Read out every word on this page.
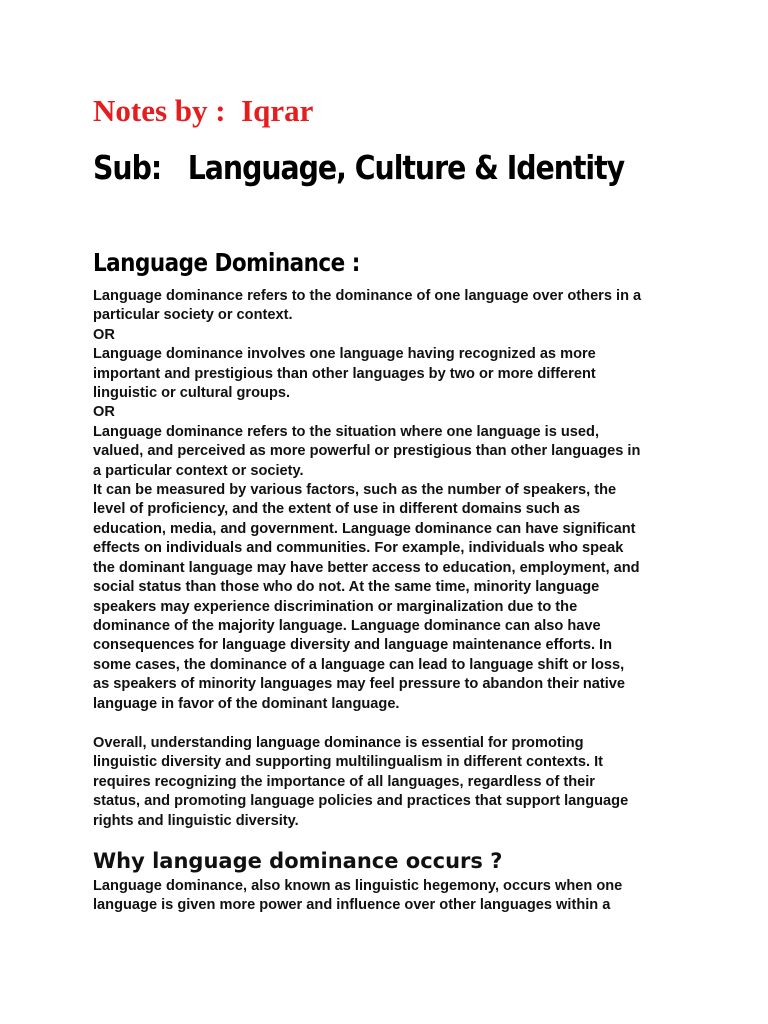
Notes by :  Iqrar
Sub:   Language, Culture & Identity
Language Dominance :

Language dominance refers to the dominance of one language over others in a
particular society or context.
OR
Language dominance involves one language having recognized as more
important and prestigious than other languages by two or more different
linguistic or cultural groups.
OR
Language dominance refers to the situation where one language is used,
valued, and perceived as more powerful or prestigious than other languages in
a particular context or society.
It can be measured by various factors, such as the number of speakers, the
level of proficiency, and the extent of use in different domains such as
education, media, and government. Language dominance can have significant
effects on individuals and communities. For example, individuals who speak
the dominant language may have better access to education, employment, and
social status than those who do not. At the same time, minority language
speakers may experience discrimination or marginalization due to the
dominance of the majority language. Language dominance can also have
consequences for language diversity and language maintenance efforts. In
some cases, the dominance of a language can lead to language shift or loss,
as speakers of minority languages may feel pressure to abandon their native
language in favor of the dominant language.

Overall, understanding language dominance is essential for promoting
linguistic diversity and supporting multilingualism in different contexts. It
requires recognizing the importance of all languages, regardless of their
status, and promoting language policies and practices that support language
rights and linguistic diversity.

Why language dominance occurs ?

Language dominance, also known as linguistic hegemony, occurs when one
language is given more power and influence over other languages within a
